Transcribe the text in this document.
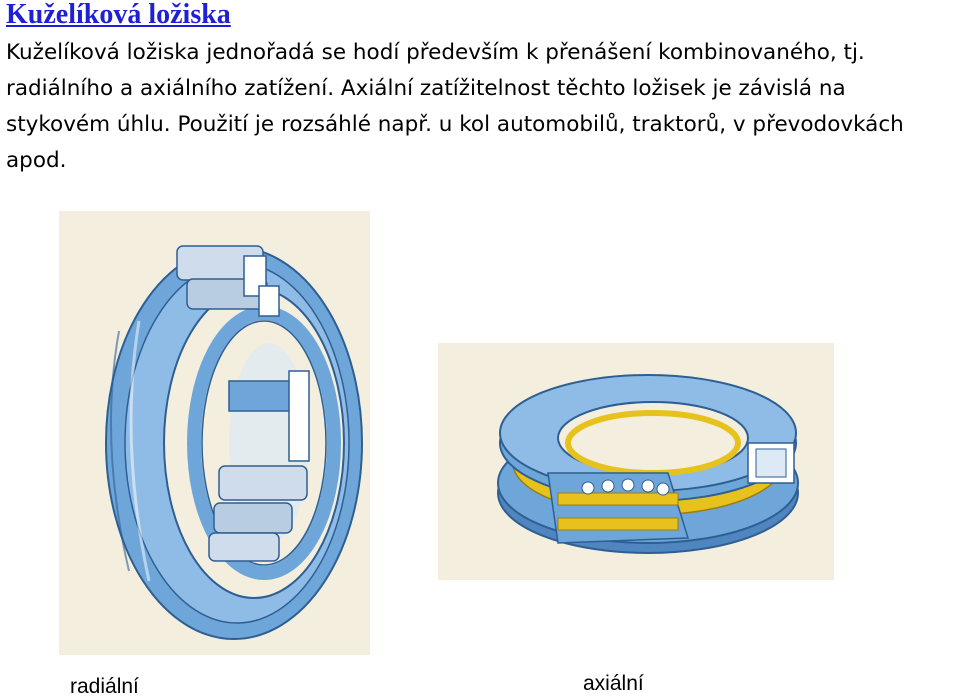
Kuželíková ložiska

Kuželíková ložiska jednořadá se hodí především k přenášení kombinovaného, tj. radiálního a axiálního zatížení. Axiální zatížitelnost těchto ložisek je závislá na stykovém úhlu. Použití je rozsáhlé např. u kol automobilů, traktorů, v převodovkách apod.

radiální	axiální
